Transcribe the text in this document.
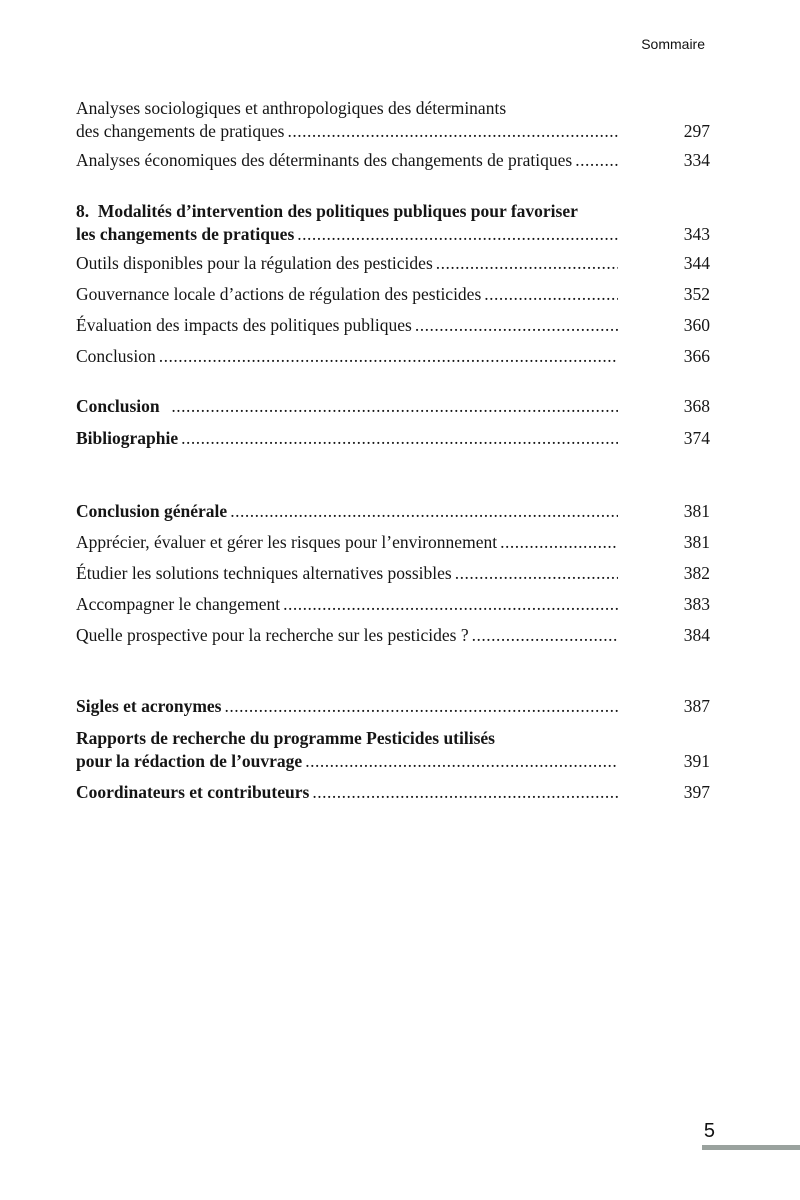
Sommaire
Analyses sociologiques et anthropologiques des déterminants
des changements de pratiques .....	297
Analyses économiques des déterminants des changements de pratiques .....	334
8.  Modalités d’intervention des politiques publiques pour favoriser
les changements de pratiques .....	343
Outils disponibles pour la régulation des pesticides .....	344
Gouvernance locale d’actions de régulation des pesticides .....	352
Évaluation des impacts des politiques publiques .....	360
Conclusion .....	366
Conclusion .....	368
Bibliographie .....	374
Conclusion générale .....	381
Apprécier, évaluer et gérer les risques pour l’environnement .....	381
Étudier les solutions techniques alternatives possibles .....	382
Accompagner le changement .....	383
Quelle prospective pour la recherche sur les pesticides ? .....	384
Sigles et acronymes .....	387
Rapports de recherche du programme Pesticides utilisés
pour la rédaction de l’ouvrage .....	391
Coordinateurs et contributeurs .....	397
5
